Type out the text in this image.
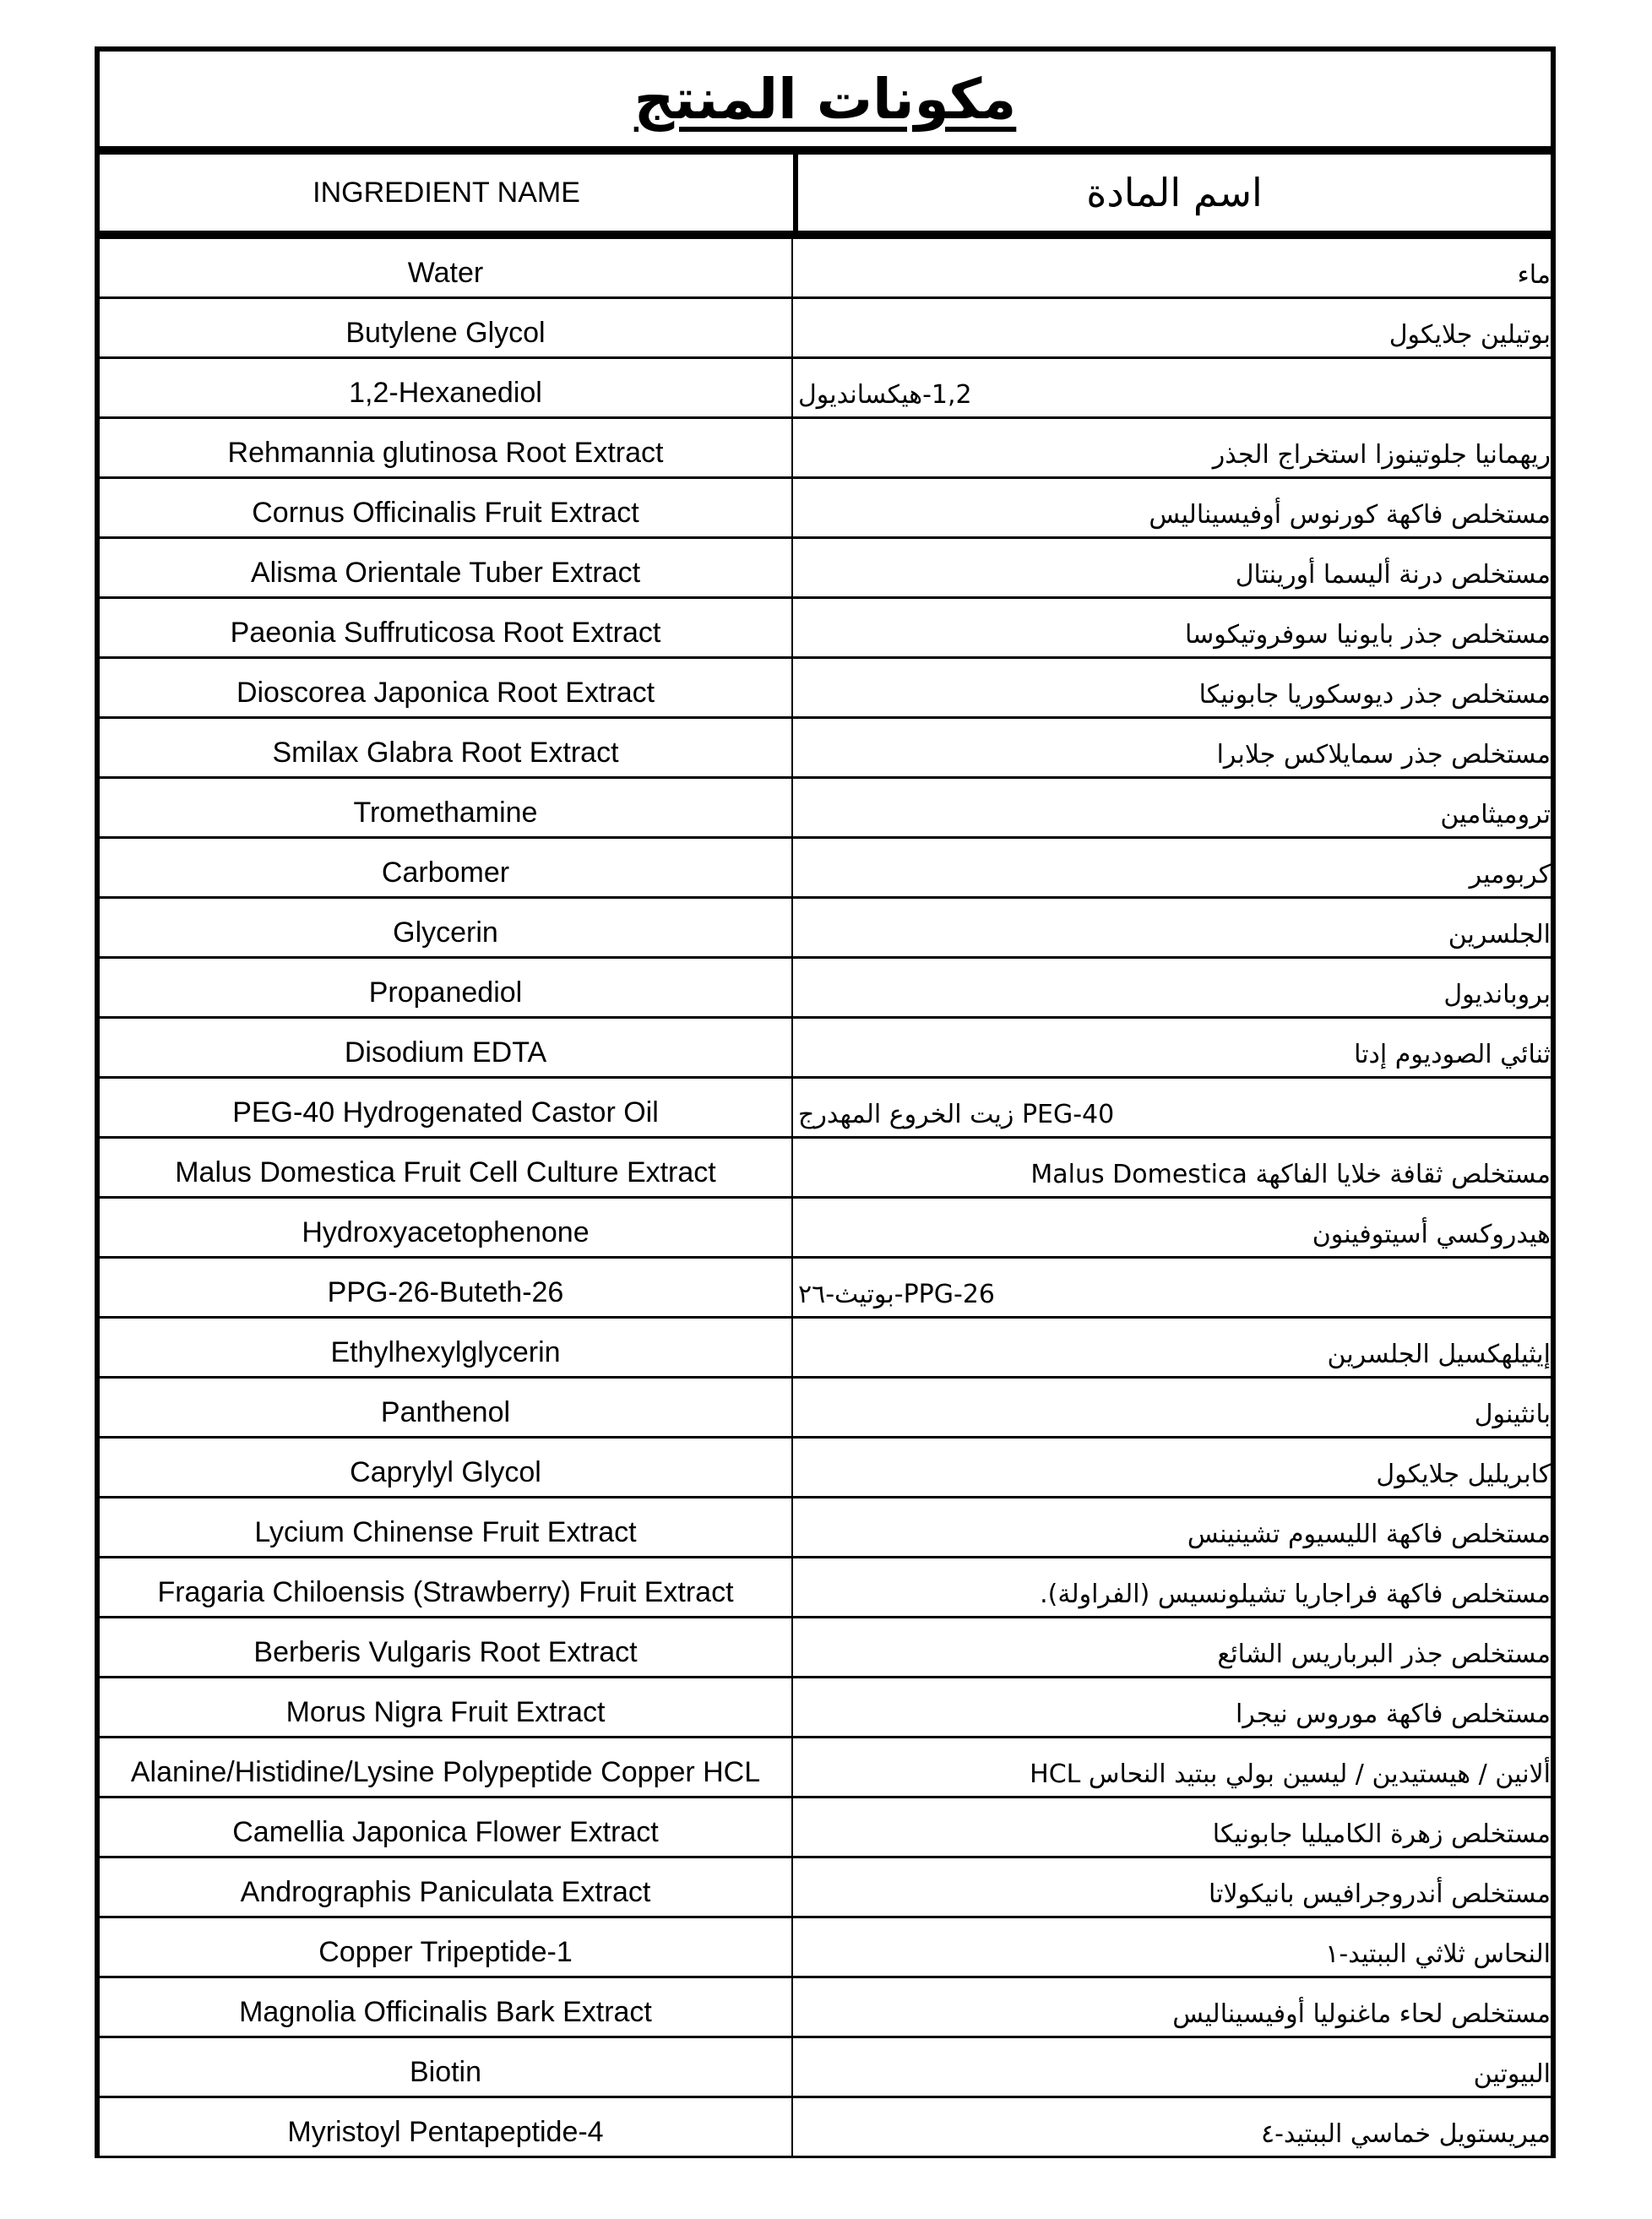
مكونات المنتج
INGREDIENT NAME	اسم المادة
Water	ماء
Butylene Glycol	بوتيلين جلايكول
1,2-Hexanediol	1,2-هيكسانديول
Rehmannia glutinosa Root Extract	ريهمانيا جلوتينوزا استخراج الجذر
Cornus Officinalis Fruit Extract	مستخلص فاكهة كورنوس أوفيسيناليس
Alisma Orientale Tuber Extract	مستخلص درنة أليسما أورينتال
Paeonia Suffruticosa Root Extract	مستخلص جذر بايونيا سوفروتيكوسا
Dioscorea Japonica Root Extract	مستخلص جذر ديوسكوريا جابونيكا
Smilax Glabra Root Extract	مستخلص جذر سمايلاكس جلابرا
Tromethamine	تروميثامين
Carbomer	كربومير
Glycerin	الجلسرين
Propanediol	بروبانديول
Disodium EDTA	ثنائي الصوديوم إدتا
PEG-40 Hydrogenated Castor Oil	PEG-40 زيت الخروع المهدرج
Malus Domestica Fruit Cell Culture Extract	مستخلص ثقافة خلايا الفاكهة Malus Domestica
Hydroxyacetophenone	هيدروكسي أسيتوفينون
PPG-26-Buteth-26	PPG-26-بوتيث-٢٦
Ethylhexylglycerin	إيثيلهكسيل الجلسرين
Panthenol	بانثينول
Caprylyl Glycol	كابريليل جلايكول
Lycium Chinense Fruit Extract	مستخلص فاكهة الليسيوم تشينينس
Fragaria Chiloensis (Strawberry) Fruit Extract	مستخلص فاكهة فراجاريا تشيلونسيس (الفراولة).
Berberis Vulgaris Root Extract	مستخلص جذر البرباريس الشائع
Morus Nigra Fruit Extract	مستخلص فاكهة موروس نيجرا
Alanine/Histidine/Lysine Polypeptide Copper HCL	ألانين / هيستيدين / ليسين بولي ببتيد النحاس HCL
Camellia Japonica Flower Extract	مستخلص زهرة الكاميليا جابونيكا
Andrographis Paniculata Extract	مستخلص أندروجرافيس بانيكولاتا
Copper Tripeptide-1	النحاس ثلاثي الببتيد-١
Magnolia Officinalis Bark Extract	مستخلص لحاء ماغنوليا أوفيسيناليس
Biotin	البيوتين
Myristoyl Pentapeptide-4	ميريستويل خماسي الببتيد-٤
